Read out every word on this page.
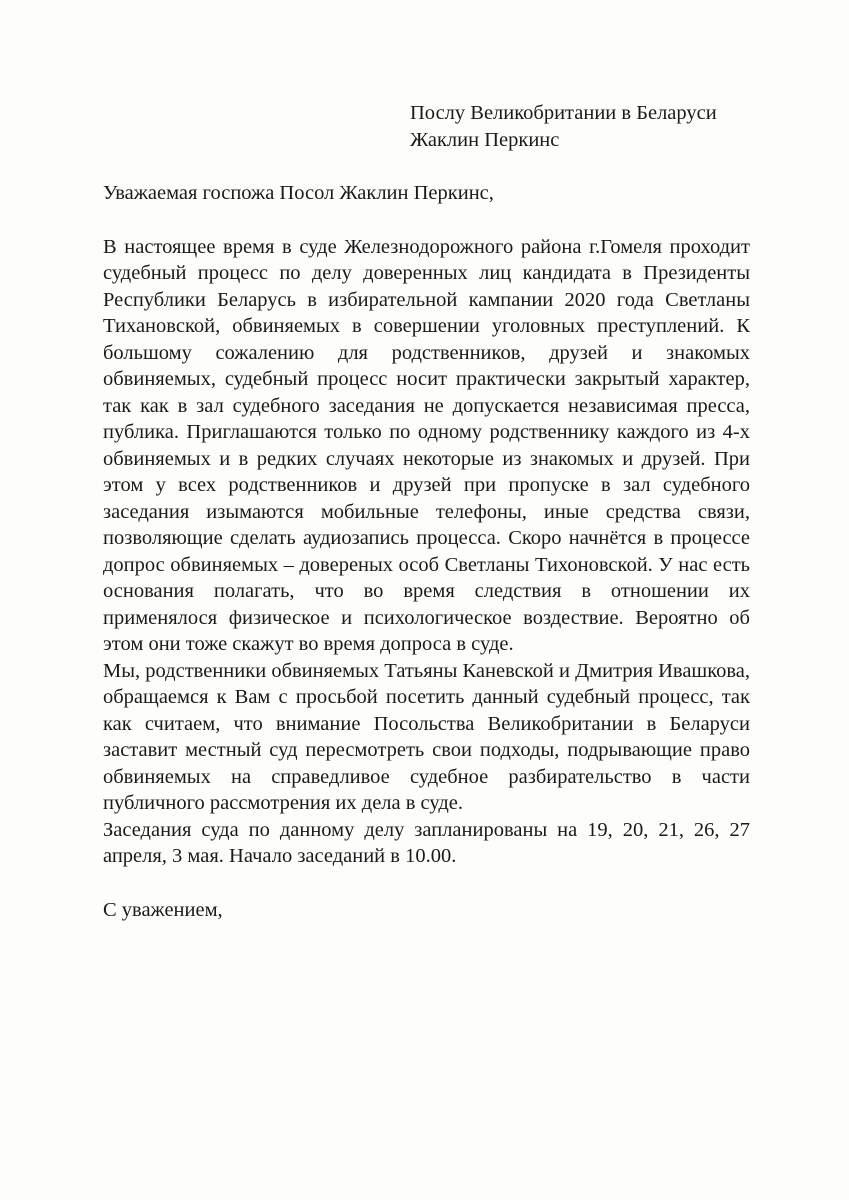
Послу Великобритании в Беларуси
Жаклин Перкинс

Уважаемая госпожа Посол Жаклин Перкинс,

В настоящее время в суде Железнодорожного района г.Гомеля проходит судебный процесс по делу доверенных лиц кандидата в Президенты Республики Беларусь в избирательной кампании 2020 года Светланы Тихановской, обвиняемых в совершении уголовных преступлений. К большому сожалению для родственников, друзей и знакомых обвиняемых, судебный процесс носит практически закрытый характер, так как в зал судебного заседания не допускается независимая пресса, публика. Приглашаются только по одному родственнику каждого из 4-х обвиняемых и в редких случаях некоторые из знакомых и друзей. При этом у всех родственников и друзей при пропуске в зал судебного заседания изымаются мобильные телефоны, иные средства связи, позволяющие сделать аудиозапись процесса. Скоро начнётся в процессе допрос обвиняемых – довереных особ Светланы Тихоновской. У нас есть основания полагать, что во время следствия в отношении их применялося физическое и психологическое воздествие. Вероятно об этом они тоже скажут во время допроса в суде.

Мы, родственники обвиняемых Татьяны Каневской и Дмитрия Ивашкова, обращаемся к Вам с просьбой посетить данный судебный процесс, так как считаем, что внимание Посольства Великобритании в Беларуси заставит местный суд пересмотреть свои подходы, подрывающие право обвиняемых на справедливое судебное разбирательство в части публичного рассмотрения их дела в суде.

Заседания суда по данному делу запланированы на 19, 20, 21, 26, 27 апреля, 3 мая. Начало заседаний в 10.00.

С уважением,
